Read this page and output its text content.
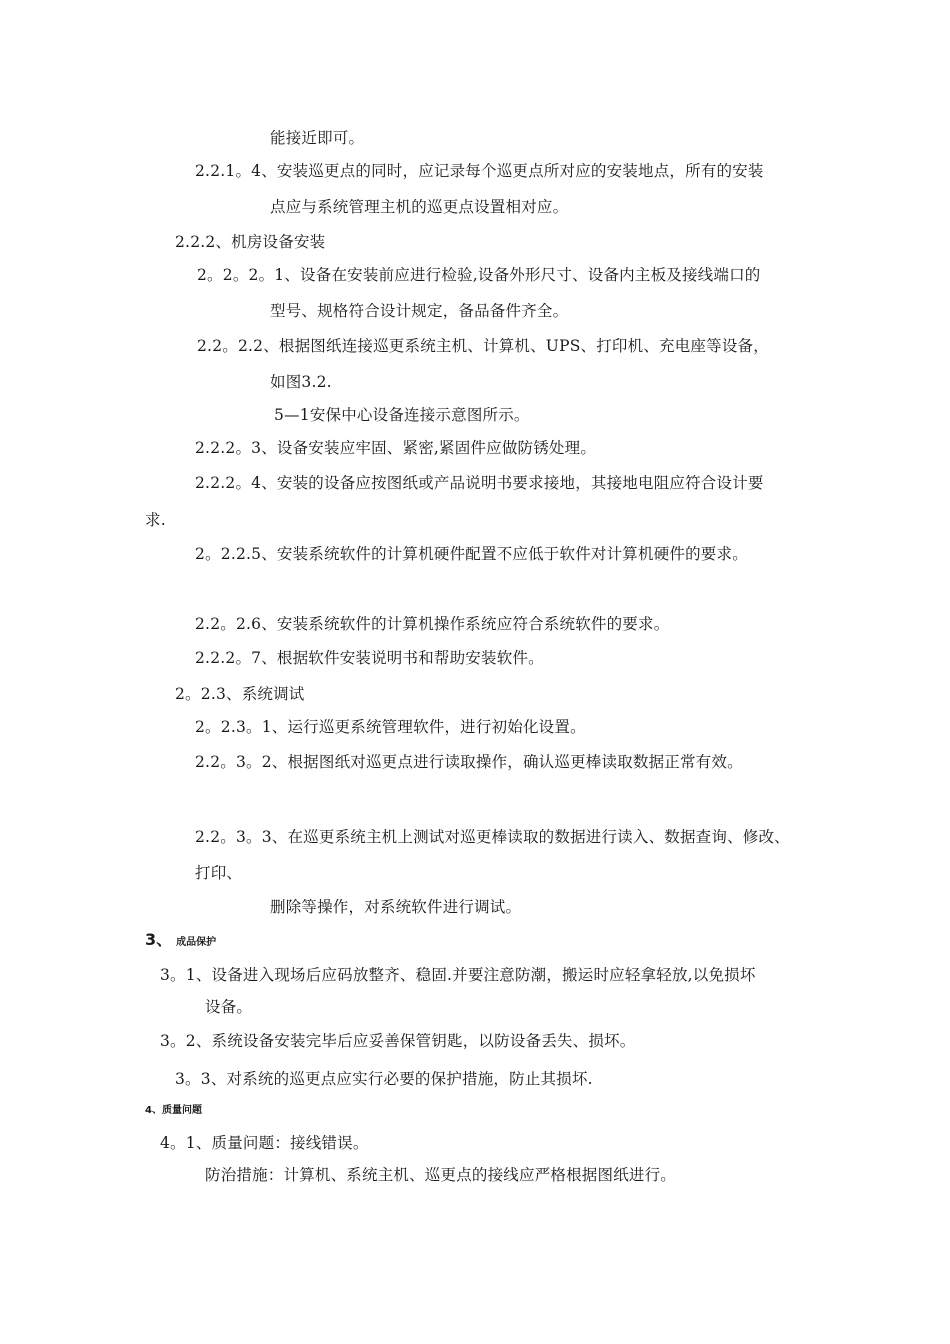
能接近即可。
2.2.1。4、安装巡更点的同时，应记录每个巡更点所对应的安装地点，所有的安装
点应与系统管理主机的巡更点设置相对应。
2.2.2、机房设备安装
2。2。2。1、设备在安装前应进行检验,设备外形尺寸、设备内主板及接线端口的
型号、规格符合设计规定，备品备件齐全。
2.2。2.2、根据图纸连接巡更系统主机、计算机、UPS、打印机、充电座等设备，
如图3.2.
5—1安保中心设备连接示意图所示。
2.2.2。3、设备安装应牢固、紧密,紧固件应做防锈处理。
2.2.2。4、安装的设备应按图纸或产品说明书要求接地，其接地电阻应符合设计要
求.
2。2.2.5、安装系统软件的计算机硬件配置不应低于软件对计算机硬件的要求。
2.2。2.6、安装系统软件的计算机操作系统应符合系统软件的要求。
2.2.2。7、根据软件安装说明书和帮助安装软件。
2。2.3、系统调试
2。2.3。1、运行巡更系统管理软件，进行初始化设置。
2.2。3。2、根据图纸对巡更点进行读取操作，确认巡更棒读取数据正常有效。
2.2。3。3、在巡更系统主机上测试对巡更棒读取的数据进行读入、数据查询、修改、
打印、
删除等操作，对系统软件进行调试。
3、 成品保护
3。1、设备进入现场后应码放整齐、稳固.并要注意防潮，搬运时应轻拿轻放,以免损坏
设备。
3。2、系统设备安装完毕后应妥善保管钥匙，以防设备丢失、损坏。
3。3、对系统的巡更点应实行必要的保护措施，防止其损坏.
4、质量问题
4。1、质量问题：接线错误。
防治措施：计算机、系统主机、巡更点的接线应严格根据图纸进行。
